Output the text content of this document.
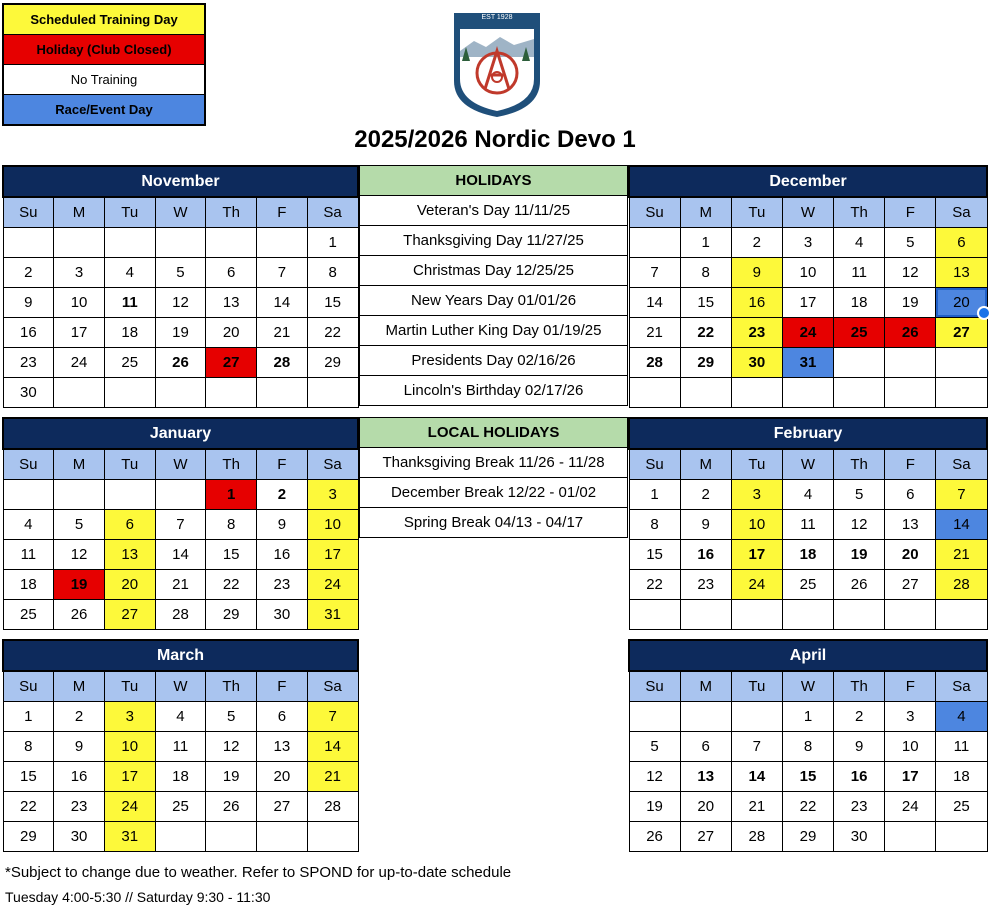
Scheduled Training Day
Holiday (Club Closed)
No Training
Race/Event Day
EST 1928
CALIFORNIA
2025/2026 Nordic Devo 1
November						
Su	M	Tu	W	Th	F	Sa
						1
2	3	4	5	6	7	8
9	10	11	12	13	14	15
16	17	18	19	20	21	22
23	24	25	26	27	28	29
30						
December						
Su	M	Tu	W	Th	F	Sa
	1	2	3	4	5	6
7	8	9	10	11	12	13
14	15	16	17	18	19	20
21	22	23	24	25	26	27
28	29	30	31			

January						
Su	M	Tu	W	Th	F	Sa
				1	2	3
4	5	6	7	8	9	10
11	12	13	14	15	16	17
18	19	20	21	22	23	24
25	26	27	28	29	30	31
February						
Su	M	Tu	W	Th	F	Sa
1	2	3	4	5	6	7
8	9	10	11	12	13	14
15	16	17	18	19	20	21
22	23	24	25	26	27	28

March						
Su	M	Tu	W	Th	F	Sa
1	2	3	4	5	6	7
8	9	10	11	12	13	14
15	16	17	18	19	20	21
22	23	24	25	26	27	28
29	30	31				
April						
Su	M	Tu	W	Th	F	Sa
			1	2	3	4
5	6	7	8	9	10	11
12	13	14	15	16	17	18
19	20	21	22	23	24	25
26	27	28	29	30		
HOLIDAYS
Veteran's Day 11/11/25
Thanksgiving Day 11/27/25
Christmas Day 12/25/25
New Years Day 01/01/26
Martin Luther King Day 01/19/25
Presidents Day 02/16/26
Lincoln's Birthday 02/17/26
LOCAL HOLIDAYS
Thanksgiving Break 11/26 - 11/28
December Break 12/22 - 01/02
Spring Break 04/13 - 04/17
*Subject to change due to weather. Refer to SPOND for up-to-date schedule
Tuesday 4:00-5:30 // Saturday 9:30 - 11:30
